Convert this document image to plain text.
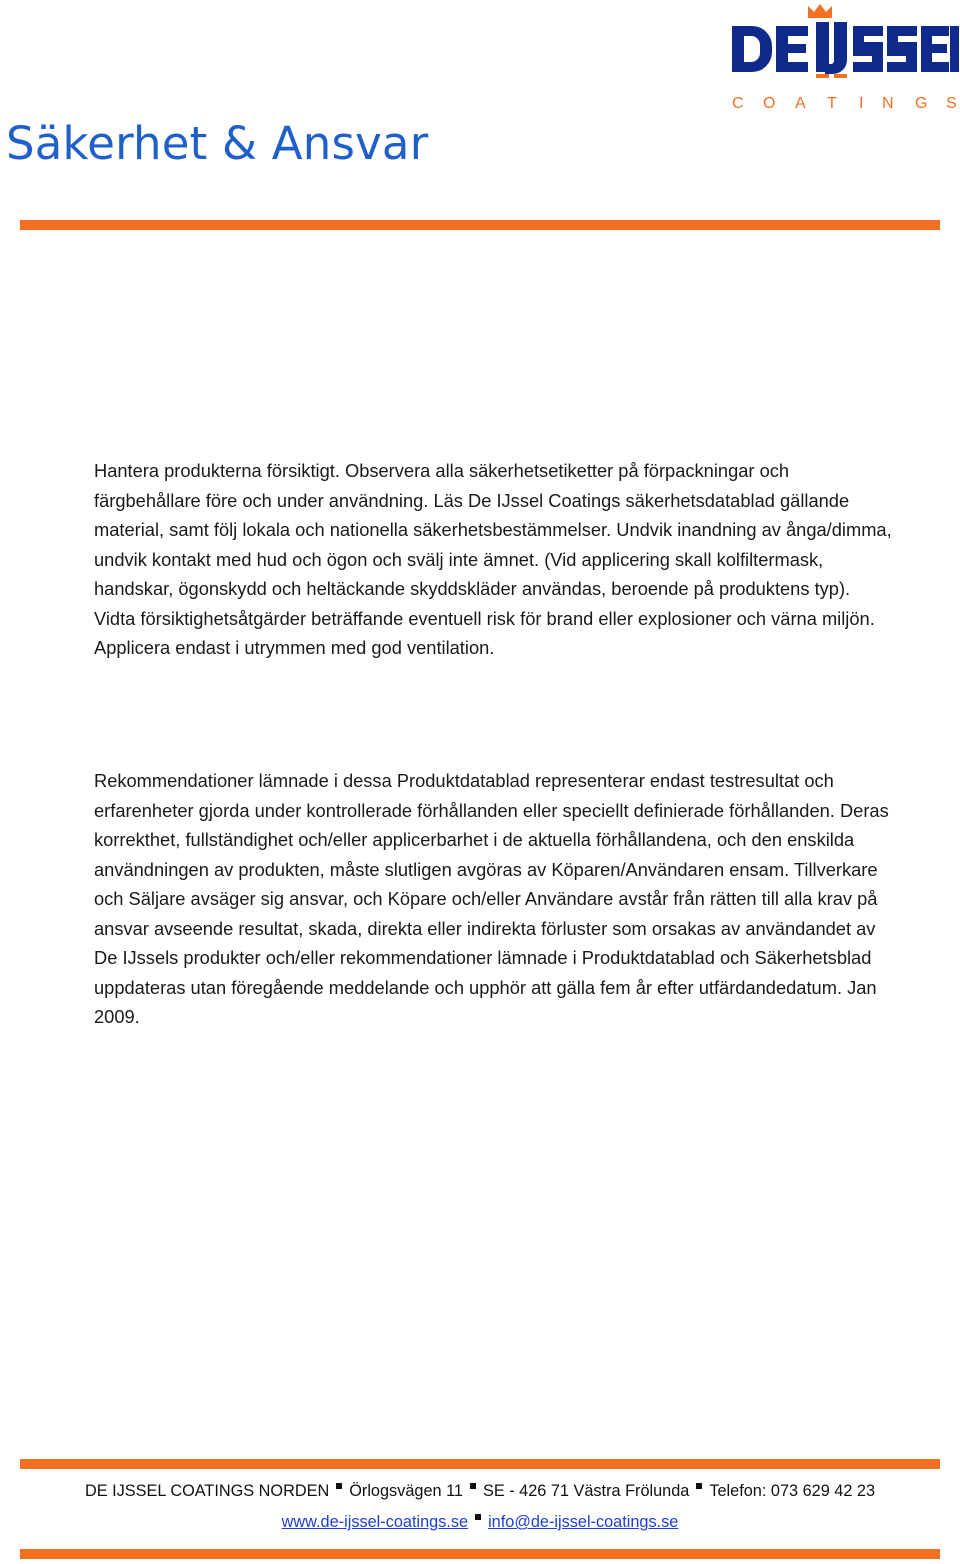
C O A T I N G S
Säkerhet & Ansvar

Hantera produkterna försiktigt. Observera alla säkerhetsetiketter på förpackningar och färgbehållare före och under användning. Läs De IJssel Coatings säkerhetsdatablad gällande material, samt följ lokala och nationella säkerhetsbestämmelser. Undvik inandning av ånga/dimma, undvik kontakt med hud och ögon och svälj inte ämnet. (Vid applicering skall kolfiltermask, handskar, ögonskydd och heltäckande skyddskläder användas, beroende på produktens typ). Vidta försiktighetsåtgärder beträffande eventuell risk för brand eller explosioner och värna miljön. Applicera endast i utrymmen med god ventilation.

Rekommendationer lämnade i dessa Produktdatablad representerar endast testresultat och erfarenheter gjorda under kontrollerade förhållanden eller speciellt definierade förhållanden. Deras korrekthet, fullständighet och/eller applicerbarhet i de aktuella förhållandena, och den enskilda användningen av produkten, måste slutligen avgöras av Köparen/Användaren ensam. Tillverkare och Säljare avsäger sig ansvar, och Köpare och/eller Användare avstår från rätten till alla krav på ansvar avseende resultat, skada, direkta eller indirekta förluster som orsakas av användandet av De IJssels produkter och/eller rekommendationer lämnade i Produktdatablad och Säkerhetsblad uppdateras utan föregående meddelande och upphör att gälla fem år efter utfärdandedatum. Jan 2009.

DE IJSSEL COATINGS NORDEN Örlogsvägen 11 SE - 426 71 Västra Frölunda Telefon: 073 629 42 23
www.de-ijssel-coatings.se info@de-ijssel-coatings.se
